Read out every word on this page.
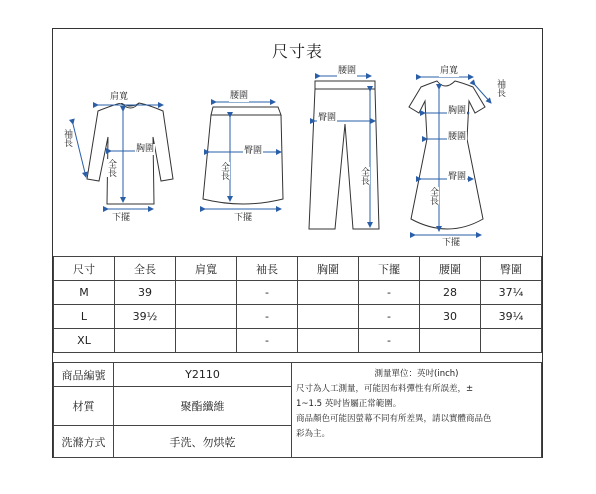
尺寸表
肩寬
袖長
胸圍
全長
下擺
腰圍
臀圍
全長
下擺
腰圍
臀圍
全長
肩寬
袖長
胸圍
腰圍
臀圍
全長
下擺
尺寸	全長	肩寬	袖長	胸圍	下擺	腰圍	臀圍
M	39		-		-	28	37¼
L	39½		-		-	30	39¼
XL			-		-		
商品編號	Y2110
材質	聚酯纖維
洗滌方式	手洗、勿烘乾
測量單位：英吋(inch)
尺寸為人工測量，可能因布料彈性有所誤差，±
1~1.5 英吋皆屬正常範圍。
商品顏色可能因螢幕不同有所差異，請以實體商品色
彩為主。
